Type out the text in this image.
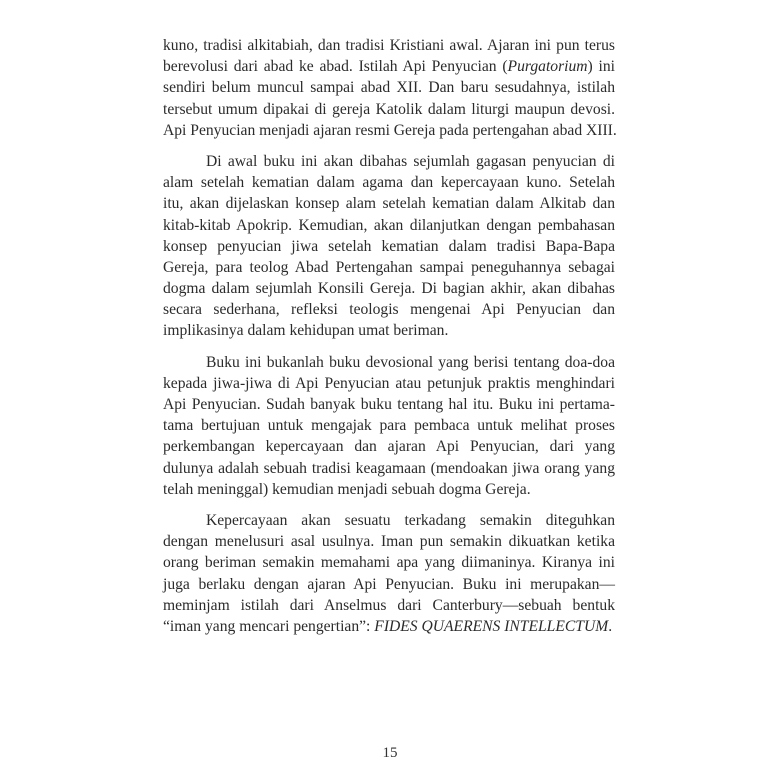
kuno, tradisi alkitabiah, dan tradisi Kristiani awal. Ajaran ini pun terus
berevolusi dari abad ke abad. Istilah Api Penyucian (Purgatorium) ini
sendiri belum muncul sampai abad XII. Dan baru sesudahnya, istilah
tersebut umum dipakai di gereja Katolik dalam liturgi maupun devosi.
Api Penyucian menjadi ajaran resmi Gereja pada pertengahan abad XIII.
Di awal buku ini akan dibahas sejumlah gagasan penyucian di
alam setelah kematian dalam agama dan kepercayaan kuno. Setelah
itu, akan dijelaskan konsep alam setelah kematian dalam Alkitab dan
kitab-kitab Apokrip. Kemudian, akan dilanjutkan dengan pembahasan
konsep penyucian jiwa setelah kematian dalam tradisi Bapa-Bapa
Gereja, para teolog Abad Pertengahan sampai peneguhannya sebagai
dogma dalam sejumlah Konsili Gereja. Di bagian akhir, akan dibahas
secara sederhana, refleksi teologis mengenai Api Penyucian dan
implikasinya dalam kehidupan umat beriman.
Buku ini bukanlah buku devosional yang berisi tentang doa-doa
kepada jiwa-jiwa di Api Penyucian atau petunjuk praktis menghindari
Api Penyucian. Sudah banyak buku tentang hal itu. Buku ini pertama-
tama bertujuan untuk mengajak para pembaca untuk melihat proses
perkembangan kepercayaan dan ajaran Api Penyucian, dari yang
dulunya adalah sebuah tradisi keagamaan (mendoakan jiwa orang yang
telah meninggal) kemudian menjadi sebuah dogma Gereja.
Kepercayaan akan sesuatu terkadang semakin diteguhkan
dengan menelusuri asal usulnya. Iman pun semakin dikuatkan ketika
orang beriman semakin memahami apa yang diimaninya. Kiranya ini
juga berlaku dengan ajaran Api Penyucian. Buku ini merupakan—
meminjam istilah dari Anselmus dari Canterbury—sebuah bentuk
“iman yang mencari pengertian”: FIDES QUAERENS INTELLECTUM.
15
